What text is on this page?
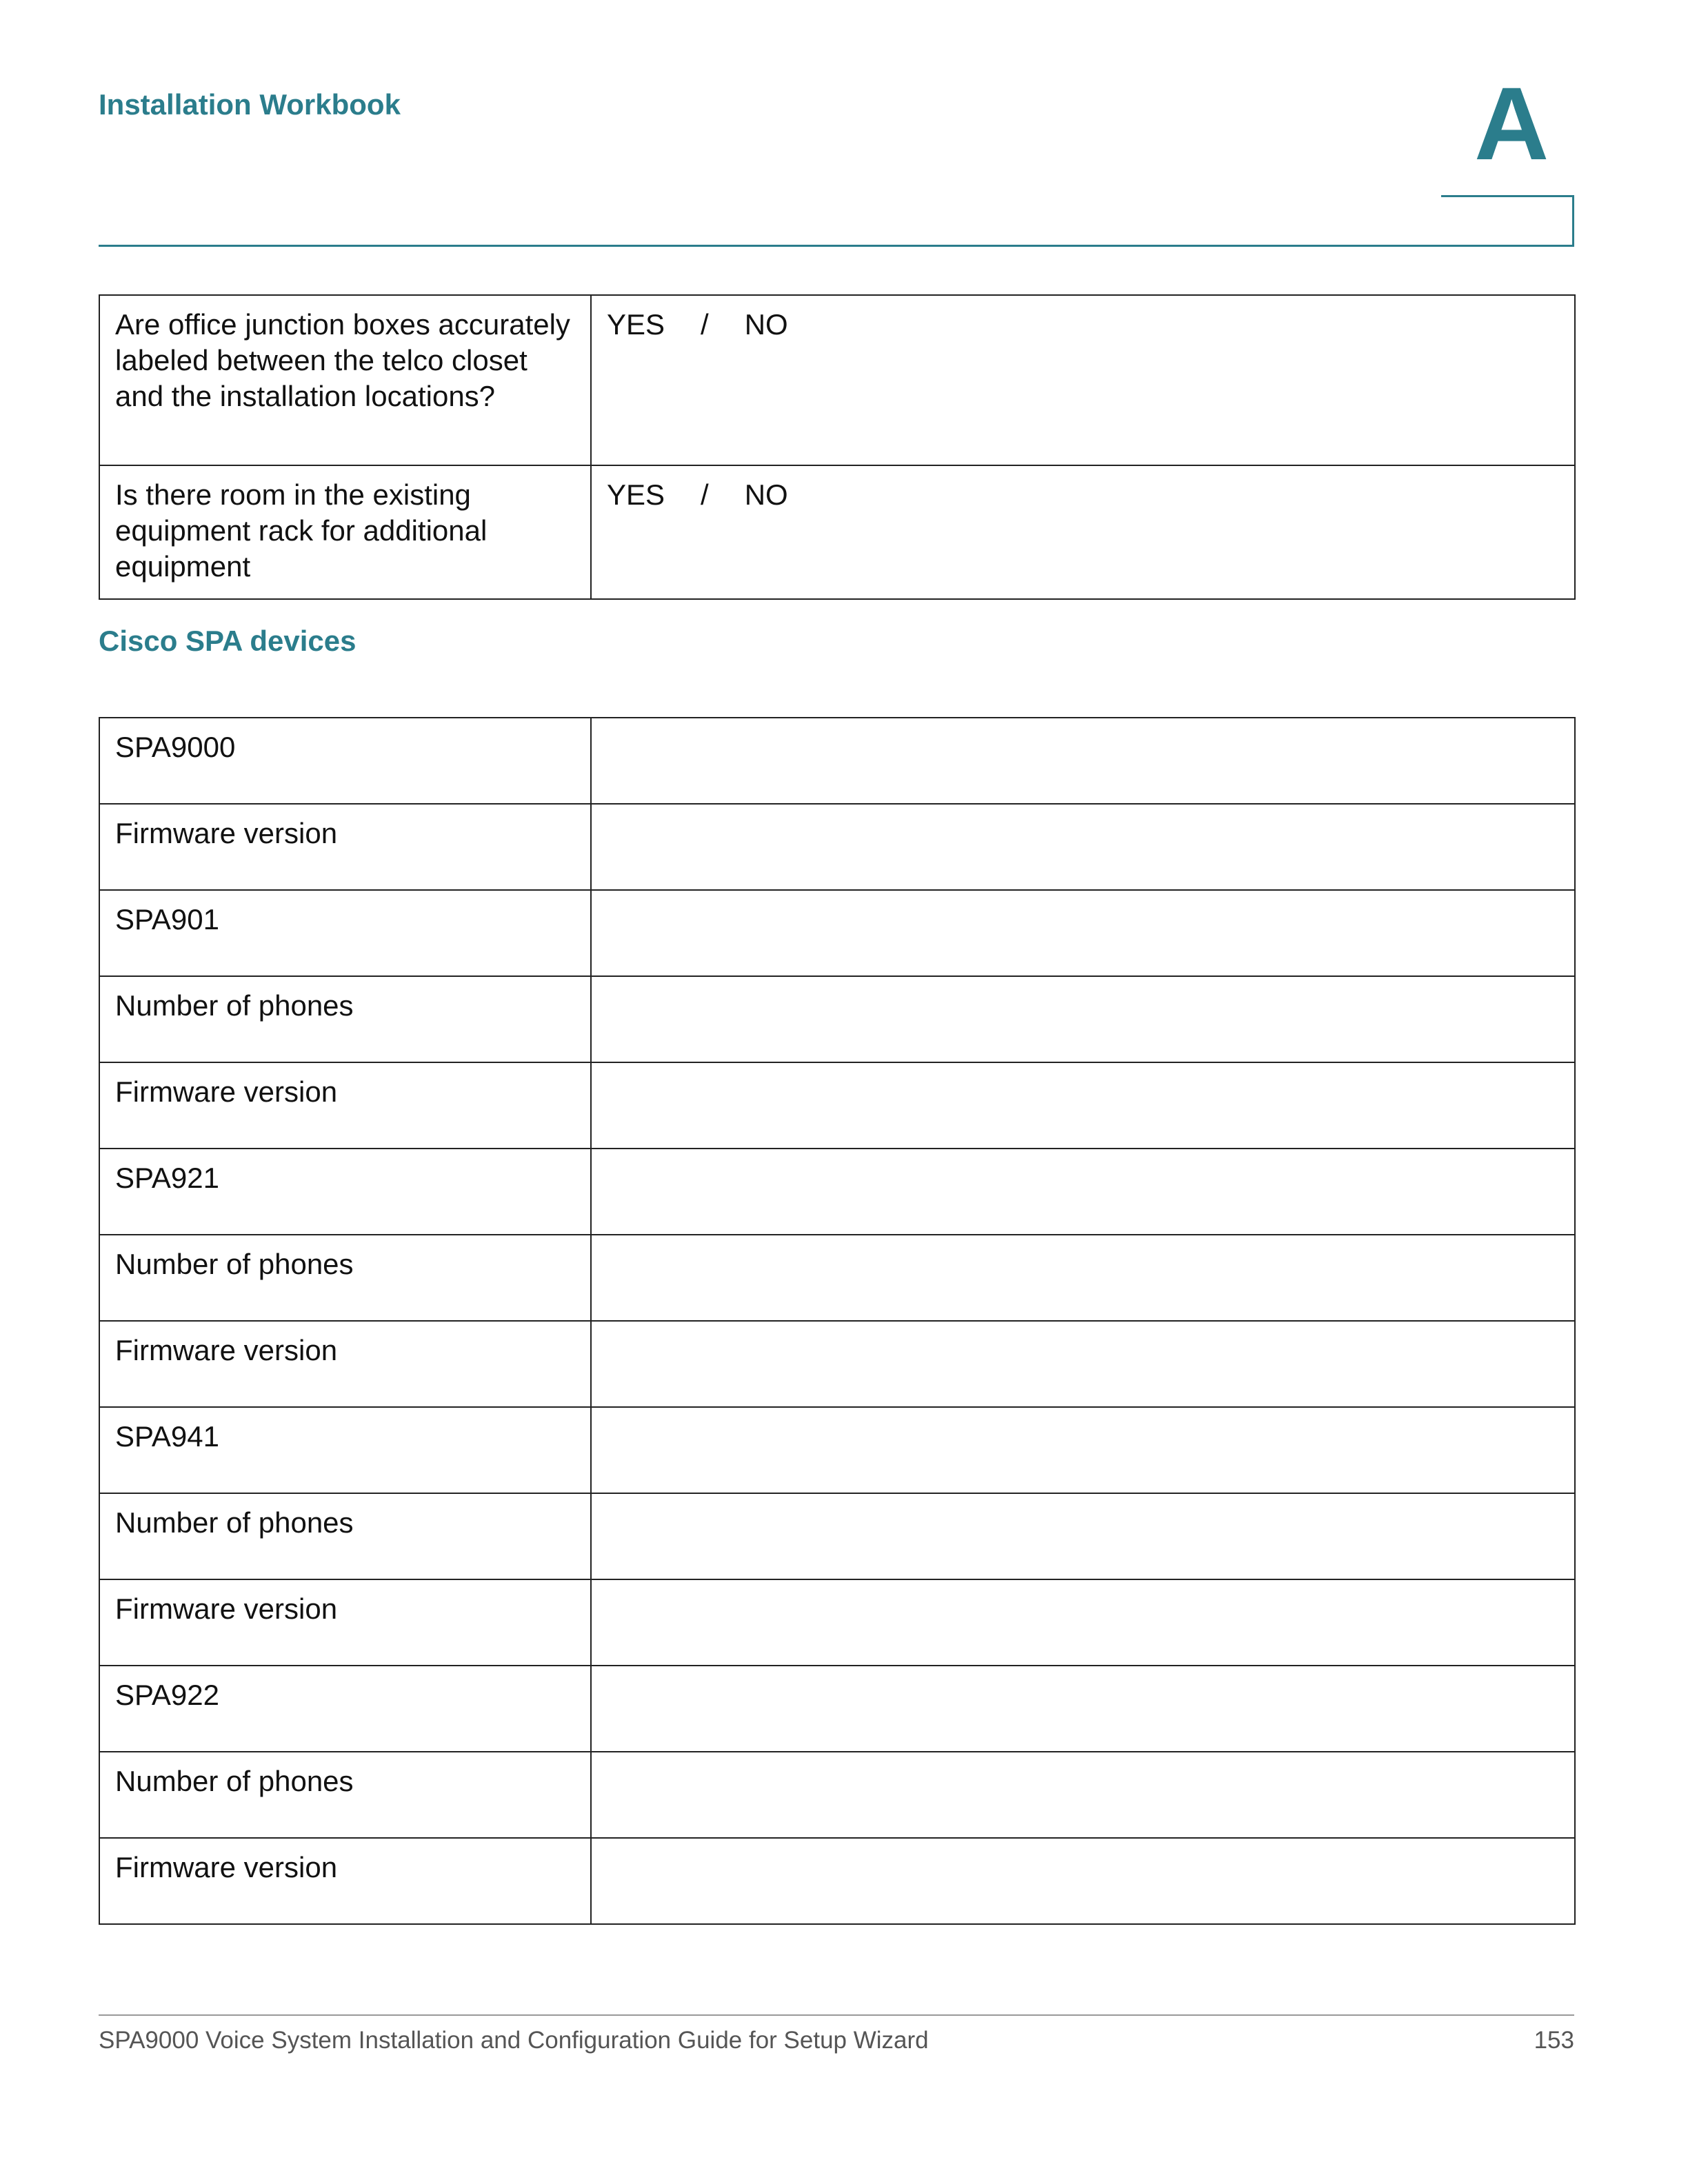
Installation Workbook	A
Are office junction boxes accurately labeled between the telco closet and the installation locations?	YES / NO
Is there room in the existing equipment rack for additional equipment	YES / NO
Cisco SPA devices
SPA9000	
Firmware version	
SPA901	
Number of phones	
Firmware version	
SPA921	
Number of phones	
Firmware version	
SPA941	
Number of phones	
Firmware version	
SPA922	
Number of phones	
Firmware version	
SPA9000 Voice System Installation and Configuration Guide for Setup Wizard	153
